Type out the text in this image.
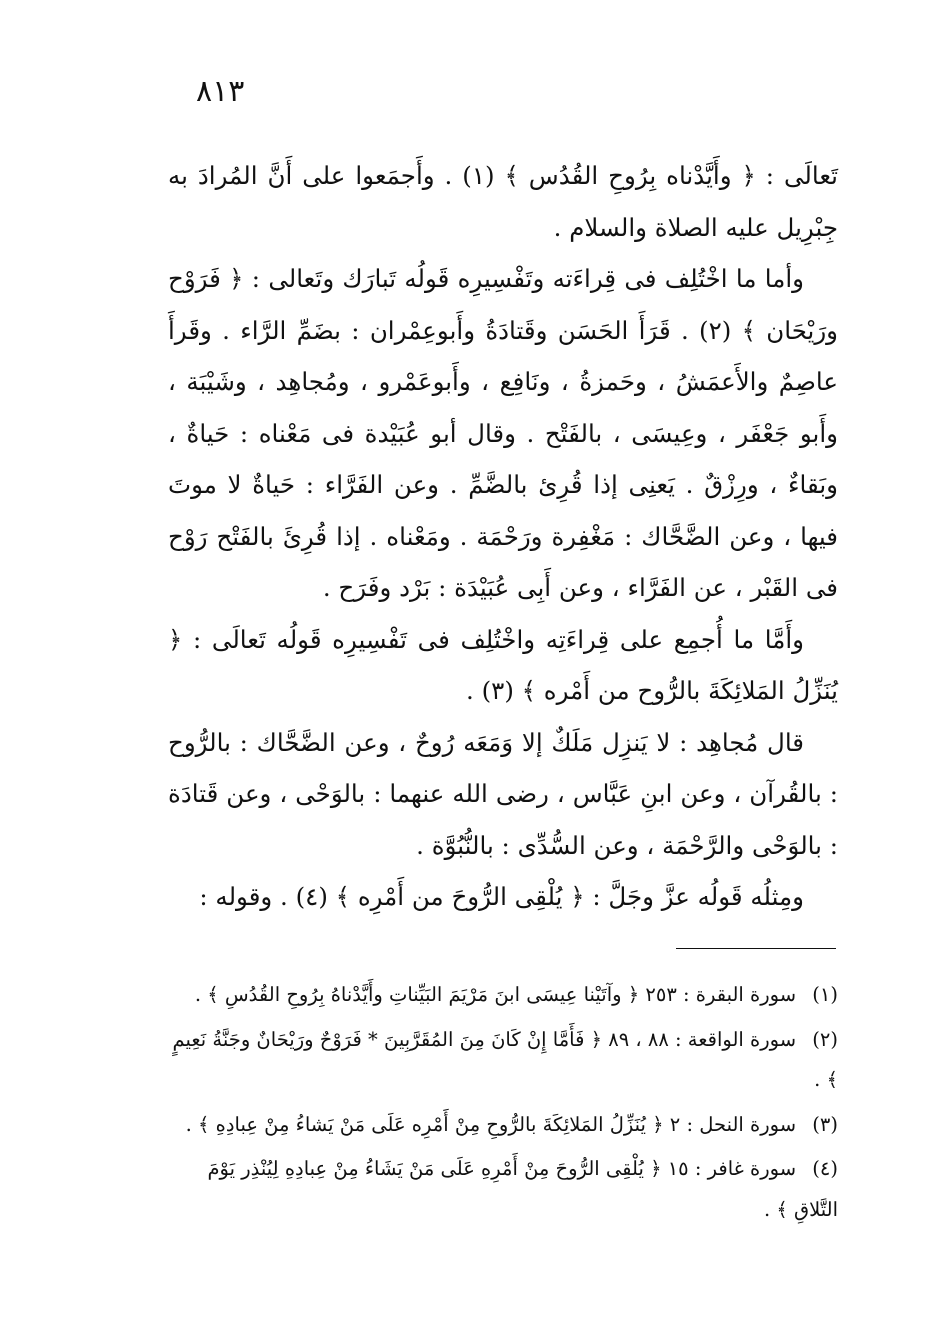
٨١٣

تَعالَى : ﴿ وأَيَّدْناه بِرُوحِ القُدُس ﴾ (١) . وأَجمَعوا على أَنَّ المُرادَ به جِبْرِيل عليه الصلاة والسلام .

وأما ما اخْتُلِف فى قِراءَته وتَفْسِيرِه قَولُه تَبارَك وتَعالى : ﴿ فَرَوْح ورَيْحَان ﴾ (٢) . قَرَأَ الحَسَن وقَتادَةُ وأَبوعِمْران : بضَمِّ الرَّاء . وقَرأَ عاصِمٌ والأَعمَشُ ، وحَمزةُ ، ونَافِع ، وأَبوعَمْرو ، ومُجاهِد ، وشَيْبَة ، وأَبو جَعْفَر ، وعِيسَى ، بالفَتْح . وقال أبو عُبَيْدة فى مَعْناه : حَياةٌ ، وبَقاءٌ ، ورِزْقٌ . يَعنِى إذا قُرِئ بالضَّمِّ . وعن الفَرَّاء : حَياةٌ لا موتَ فيها ، وعن الضَّحَّاك : مَغْفِرة ورَحْمَة . ومَعْناه . إذا قُرِئَ بالفَتْح رَوْح فى القَبْر ، عن الفَرَّاء ، وعن أَبِى عُبَيْدَة : بَرْد وفَرَح .

وأَمَّا ما أُجمِع على قِراءَتِه واخْتُلِف فى تَفْسِيرِه قَولُه تَعالَى : ﴿ يُنَزِّلُ المَلائِكَةَ بالرُّوح من أَمْره ﴾ (٣) .

قال مُجاهِد : لا يَنزِل مَلَكٌ إلا وَمَعَه رُوحٌ ، وعن الضَّحَّاك : بالرُّوح : بالقُرآن ، وعن ابنِ عَبَّاس ، رضى الله عنهما : بالوَحْى ، وعن قَتادَة : بالوَحْى والرَّحْمَة ، وعن السُّدِّى : بالنُّبُوَّة .

ومِثلُه قَولُه عزَّ وجَلَّ : ﴿ يُلْقِى الرُّوحَ من أَمْرِه ﴾ (٤) . وقوله :

(١) سورة البقرة : ٢٥٣ ﴿ وآتَيْنا عِيسَى ابنَ مَرْيَمَ البَيِّناتِ وأَيَّدْناهُ بِرُوحِ القُدُسِ ﴾ .

(٢) سورة الواقعة : ٨٨ ، ٨٩ ﴿ فَأَمَّا إِنْ كَانَ مِنَ المُقَرَّبِينَ * فَرَوْحٌ ورَيْحَانٌ وجَنَّةُ نَعِيمٍ ﴾ .

(٣) سورة النحل : ٢ ﴿ يُنَزِّلُ المَلائِكَةَ بالرُّوحِ مِنْ أَمْرِه عَلَى مَنْ يَشاءُ مِنْ عِبادِهِ ﴾ .

(٤) سورة غافر : ١٥ ﴿ يُلْقِى الرُّوحَ مِنْ أَمْرِهِ عَلَى مَنْ يَشَاءُ مِنْ عِبادِهِ لِيُنْذِر يَوْمَ التَّلاقِ ﴾ .
